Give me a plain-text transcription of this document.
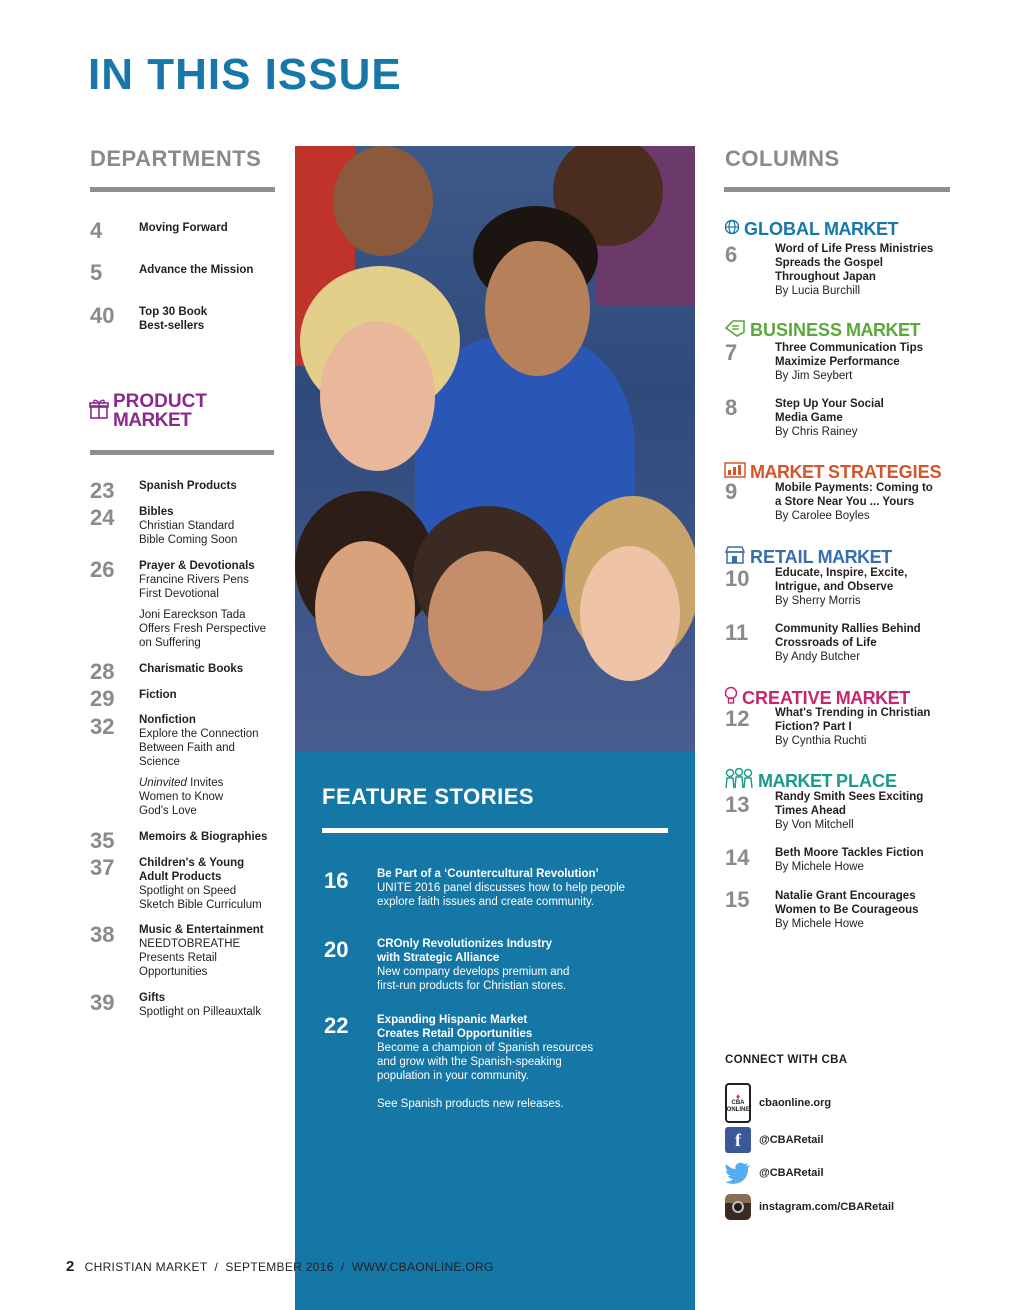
IN THIS ISSUE
DEPARTMENTS
4	Moving Forward
5	Advance the Mission
40 Top 30 Book
Best-sellers
PRODUCT
MARKET
23 Spanish Products
24 Bibles
Christian Standard
Bible Coming Soon
26 Prayer & Devotionals
Francine Rivers Pens
First Devotional
Joni Eareckson Tada
Offers Fresh Perspective
on Suffering
28 Charismatic Books
29 Fiction
32 Nonfiction
Explore the Connection
Between Faith and
Science
Uninvited Invites
Women to Know
God's Love
35 Memoirs & Biographies
37 Children's & Young
Adult Products
Spotlight on Speed
Sketch Bible Curriculum
38 Music & Entertainment
NEEDTOBREATHE
Presents Retail
Opportunities
39 Gifts
Spotlight on Pilleauxtalk
FEATURE STORIES
16 Be Part of a ‘Countercultural Revolution’
UNITE 2016 panel discusses how to help people
explore faith issues and create community.
20 CROnly Revolutionizes Industry
with Strategic Alliance
New company develops premium and
first-run products for Christian stores.
22 Expanding Hispanic Market
Creates Retail Opportunities
Become a champion of Spanish resources
and grow with the Spanish-speaking
population in your community.
See Spanish products new releases.
COLUMNS
GLOBAL MARKET
6	Word of Life Press Ministries
Spreads the Gospel
Throughout Japan
By Lucia Burchill
BUSINESS MARKET
7	Three Communication Tips
Maximize Performance
By Jim Seybert
8	Step Up Your Social
Media Game
By Chris Rainey
MARKET STRATEGIES
9	Mobile Payments: Coming to
a Store Near You ... Yours
By Carolee Boyles
RETAIL MARKET
10 Educate, Inspire, Excite,
Intrigue, and Observe
By Sherry Morris
11 Community Rallies Behind
Crossroads of Life
By Andy Butcher
CREATIVE MARKET
12 What's Trending in Christian
Fiction? Part I
By Cynthia Ruchti
MARKET PLACE
13 Randy Smith Sees Exciting
Times Ahead
By Von Mitchell
14 Beth Moore Tackles Fiction
By Michele Howe
15 Natalie Grant Encourages
Women to Be Courageous
By Michele Howe
CONNECT WITH CBA
♦
CBA
ONLINE
cbaonline.org
f	@CBARetail
@CBARetail
instagram.com/CBARetail
2 CHRISTIAN MARKET  /  SEPTEMBER 2016  /  WWW.CBAONLINE.ORG
